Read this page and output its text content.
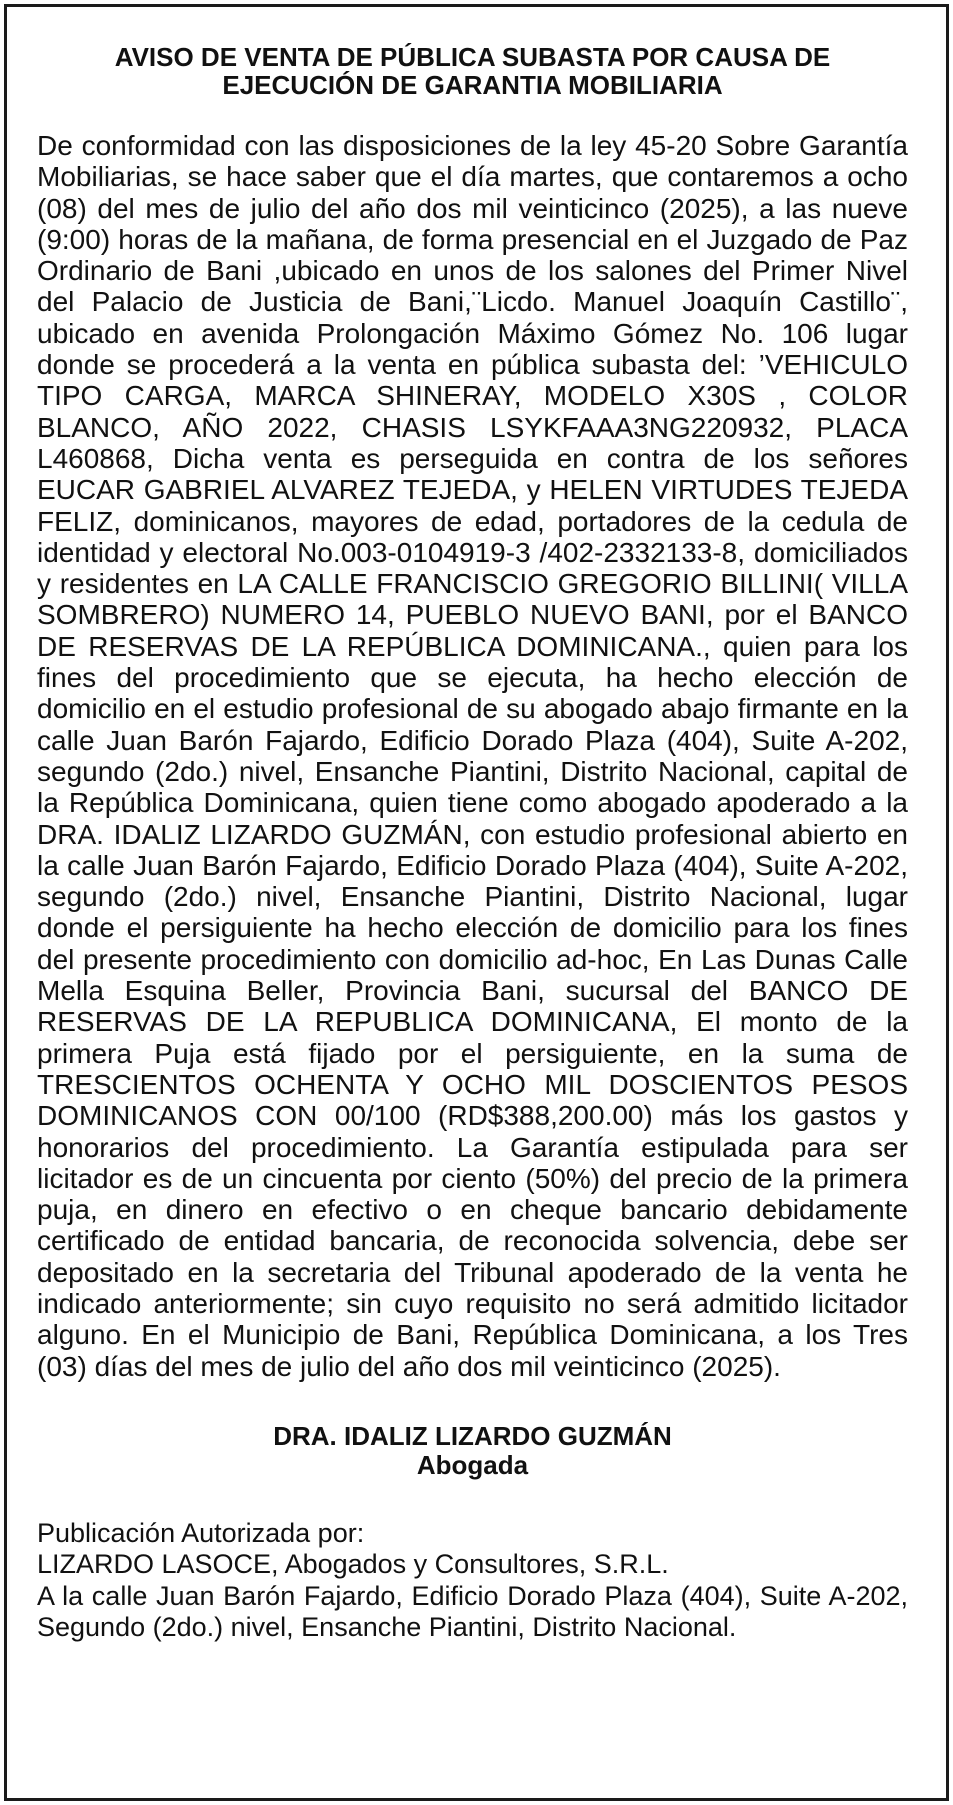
AVISO DE VENTA DE PÚBLICA SUBASTA POR CAUSA DE
EJECUCIÓN DE GARANTIA MOBILIARIA

De conformidad con las disposiciones de la ley 45-20 Sobre Garantía Mobiliarias, se hace saber que el día martes, que contaremos a ocho (08) del mes de julio del año dos mil veinticinco (2025), a las nueve (9:00) horas de la mañana, de forma presencial en el Juzgado de Paz Ordinario de Bani ,ubicado en unos de los salones del Primer Nivel del Palacio de Justicia de Bani,¨Licdo. Manuel Joaquín Castillo¨, ubicado en avenida Prolongación Máximo Gómez No. 106 lugar donde se procederá a la venta en pública subasta del: ’VEHICULO TIPO CARGA, MARCA SHINERAY, MODELO X30S , COLOR BLANCO, AÑO 2022, CHASIS LSYKFAAA3NG220932, PLACA L460868, Dicha venta es perseguida en contra de los señores EUCAR GABRIEL ALVAREZ TEJEDA, y HELEN VIRTUDES TEJEDA FELIZ, dominicanos, mayores de edad, portadores de la cedula de identidad y electoral No.003-0104919-3 /402-2332133-8, domiciliados y residentes en LA CALLE FRANCISCIO GREGORIO BILLINI( VILLA SOMBRERO) NUMERO 14, PUEBLO NUEVO BANI, por el BANCO DE RESERVAS DE LA REPÚBLICA DOMINICANA., quien para los fines del procedimiento que se ejecuta, ha hecho elección de domicilio en el estudio profesional de su abogado abajo firmante en la calle Juan Barón Fajardo, Edificio Dorado Plaza (404), Suite A-202, segundo (2do.) nivel, Ensanche Piantini, Distrito Nacional, capital de la República Dominicana, quien tiene como abogado apoderado a la DRA. IDALIZ LIZARDO GUZMÁN, con estudio profesional abierto en la calle Juan Barón Fajardo, Edificio Dorado Plaza (404), Suite A-202, segundo (2do.) nivel, Ensanche Piantini, Distrito Nacional, lugar donde el persiguiente ha hecho elección de domicilio para los fines del presente procedimiento con domicilio ad-hoc, En Las Dunas Calle Mella Esquina Beller, Provincia Bani, sucursal del BANCO DE RESERVAS DE LA REPUBLICA DOMINICANA, El monto de la primera Puja está fijado por el persiguiente, en la suma de TRESCIENTOS OCHENTA Y OCHO MIL DOSCIENTOS PESOS DOMINICANOS CON 00/100 (RD$388,200.00) más los gastos y honorarios del procedimiento. La Garantía estipulada para ser licitador es de un cincuenta por ciento (50%) del precio de la primera puja, en dinero en efectivo o en cheque bancario debidamente certificado de entidad bancaria, de reconocida solvencia, debe ser depositado en la secretaria del Tribunal apoderado de la venta he indicado anteriormente; sin cuyo requisito no será admitido licitador alguno. En el Municipio de Bani, República Dominicana, a los Tres (03) días del mes de julio del año dos mil veinticinco (2025).

DRA. IDALIZ LIZARDO GUZMÁN
Abogada
Publicación Autorizada por:
LIZARDO LASOCE, Abogados y Consultores, S.R.L.
A la calle Juan Barón Fajardo, Edificio Dorado Plaza (404), Suite A-202, Segundo (2do.) nivel, Ensanche Piantini, Distrito Nacional.
